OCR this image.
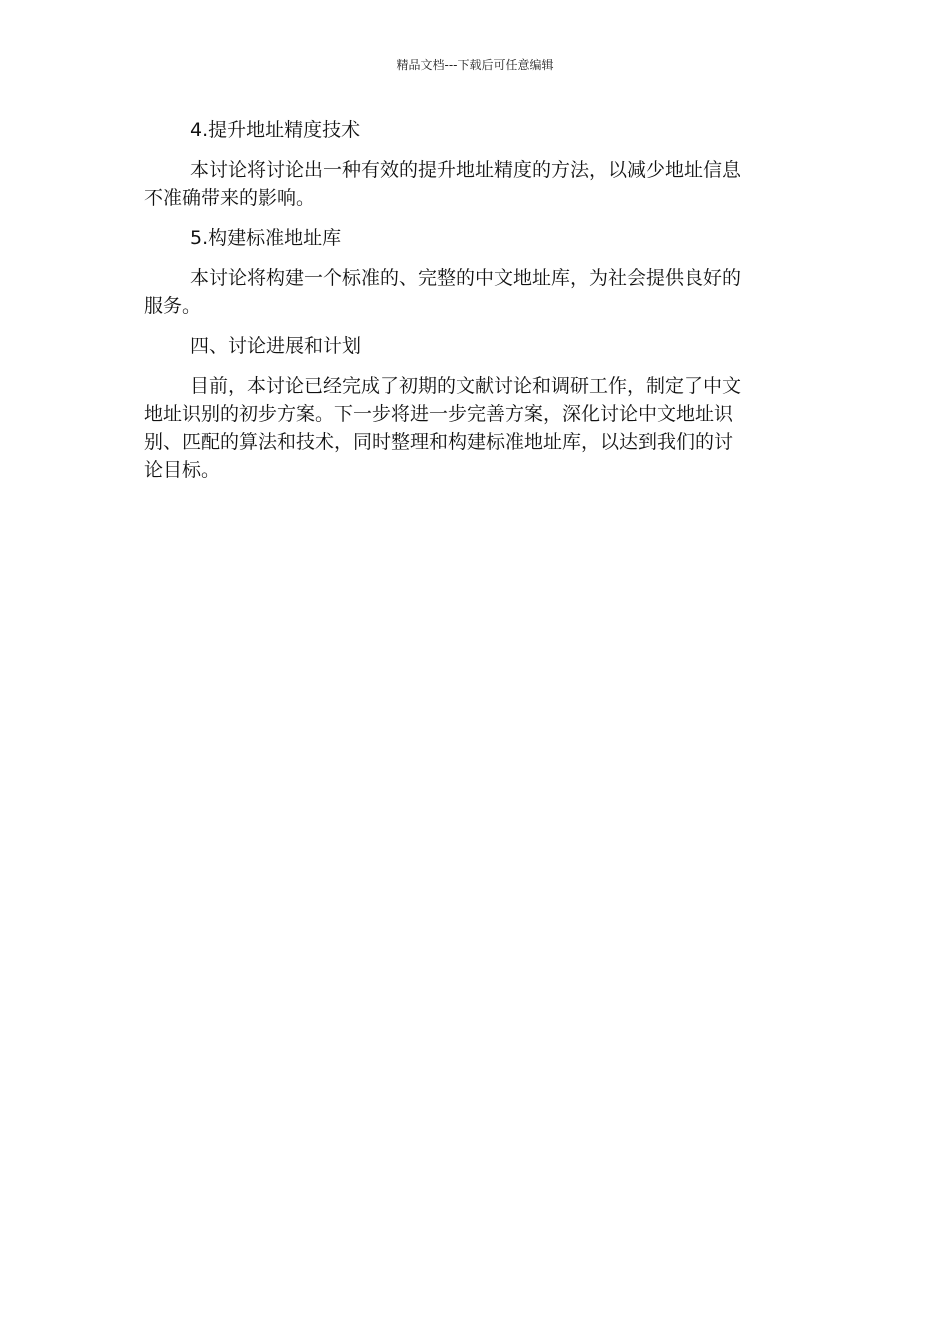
精品文档---下载后可任意编辑
4.提升地址精度技术
本讨论将讨论出一种有效的提升地址精度的方法，以减少地址信息
不准确带来的影响。
5.构建标准地址库
本讨论将构建一个标准的、完整的中文地址库，为社会提供良好的
服务。
四、讨论进展和计划
目前，本讨论已经完成了初期的文献讨论和调研工作，制定了中文
地址识别的初步方案。下一步将进一步完善方案，深化讨论中文地址识
别、匹配的算法和技术，同时整理和构建标准地址库，以达到我们的讨
论目标。
